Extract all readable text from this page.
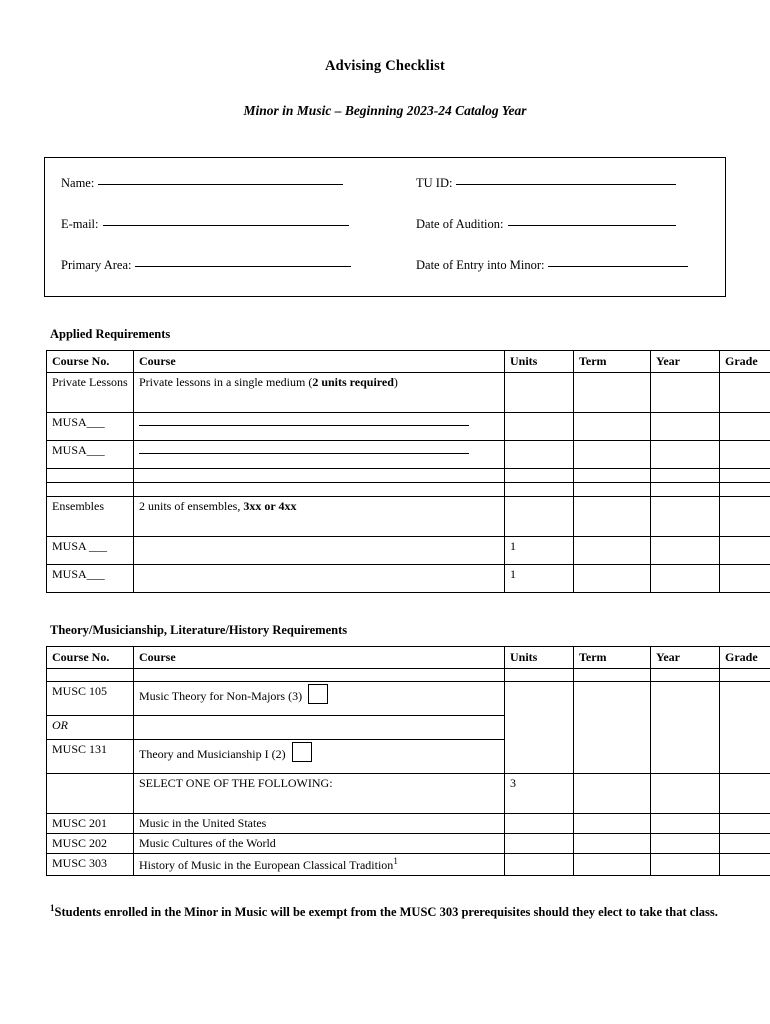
Advising Checklist
Minor in Music – Beginning 2023-24 Catalog Year
Name:	TU ID:
E-mail:	Date of Audition:
Primary Area:	Date of Entry into Minor:
Applied Requirements
Course No.	Course	Units	Term	Year	Grade
Private Lessons	Private lessons in a single medium (2 units required)				
MUSA___					
MUSA___					

Ensembles	2 units of ensembles, 3xx or 4xx				
MUSA ___		1			
MUSA___		1			
Theory/Musicianship, Literature/History Requirements
Course No.	Course	Units	Term	Year	Grade

MUSC 105	Music Theory for Non-Majors (3)				
OR					
MUSC 131	Theory and Musicianship I (2)				
	SELECT ONE OF THE FOLLOWING:	3			
MUSC 201	Music in the United States				
MUSC 202	Music Cultures of the World				
MUSC 303	History of Music in the European Classical Tradition$^1$				
$^1$Students enrolled in the Minor in Music will be exempt from the MUSC 303 prerequisites should they elect to take that class.
